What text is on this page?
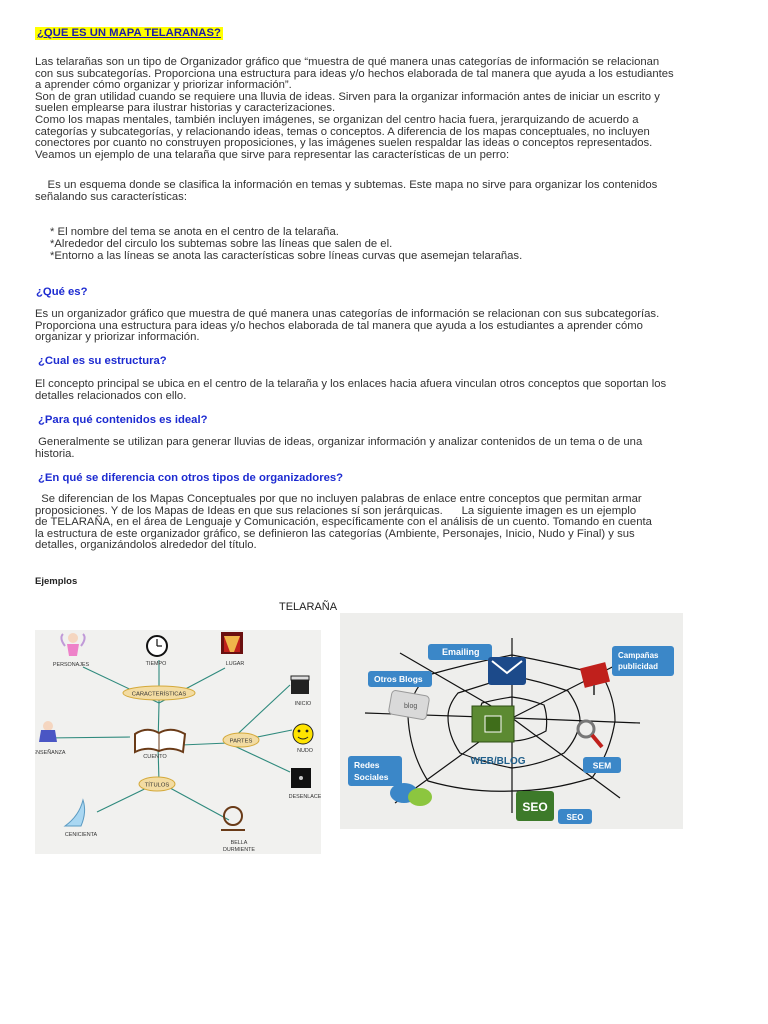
¿QUE ES UN MAPA TELARANAS?
Las telarañas son un tipo de Organizador gráfico que “muestra de qué manera unas categorías de información se relacionan
con sus subcategorías. Proporciona una estructura para ideas y/o hechos elaborada de tal manera que ayuda a los estudiantes
a aprender cómo organizar y priorizar información”.
Son de gran utilidad cuando se requiere una lluvia de ideas. Sirven para la organizar información antes de iniciar un escrito y
suelen emplearse para ilustrar historias y caracterizaciones.
Como los mapas mentales, también incluyen imágenes, se organizan del centro hacia fuera, jerarquizando de acuerdo a
categorías y subcategorías, y relacionando ideas, temas o conceptos. A diferencia de los mapas conceptuales, no incluyen
conectores por cuanto no construyen proposiciones, y las imágenes suelen respaldar las ideas o conceptos representados.
Veamos un ejemplo de una telaraña que sirve para representar las características de un perro:
Es un esquema donde se clasifica la información en temas y subtemas. Este mapa no sirve para organizar los contenidos
señalando sus características:
* El nombre del tema se anota en el centro de la telaraña.
*Alrededor del circulo los subtemas sobre las líneas que salen de el.
*Entorno a las líneas se anota las características sobre líneas curvas que asemejan telarañas.
¿Qué es?
Es un organizador gráfico que muestra de qué manera unas categorías de información se relacionan con sus subcategorías.
Proporciona una estructura para ideas y/o hechos elaborada de tal manera que ayuda a los estudiantes a aprender cómo
organizar y priorizar información.
¿Cual es su estructura?
El concepto principal se ubica en el centro de la telaraña y los enlaces hacia afuera vinculan otros conceptos que soportan los
detalles relacionados con ello.
¿Para qué contenidos es ideal?
Generalmente se utilizan para generar lluvias de ideas, organizar información y analizar contenidos de un tema o de una
historia.
¿En qué se diferencia con otros tipos de organizadores?
Se diferencian de los Mapas Conceptuales por que no incluyen palabras de enlace entre conceptos que permitan armar
proposiciones. Y de los Mapas de Ideas en que sus relaciones sí son jerárquicas.      La siguiente imagen es un ejemplo
de TELARAÑA, en el área de Lenguaje y Comunicación, específicamente con el análisis de un cuento. Tomando en cuenta
la estructura de este organizador gráfico, se definieron las categorías (Ambiente, Personajes, Inicio, Nudo y Final) y sus
detalles, organizándolos alrededor del título.
Ejemplos
TELARAÑA
CARACTERÍSTICAS
PARTES
TÍTULOS
CUENTO
PERSONAJES	TIEMPO	LUGAR
ENSEÑANZA
INICIO
NUDO
DESENLACE
CENICIENTA
BELLA
DURMIENTE
WEB/BLOG
Emailing	Campañas
publicidad
Otros Blogs
blog
SEM
Redes
Sociales
SEO
SEO
